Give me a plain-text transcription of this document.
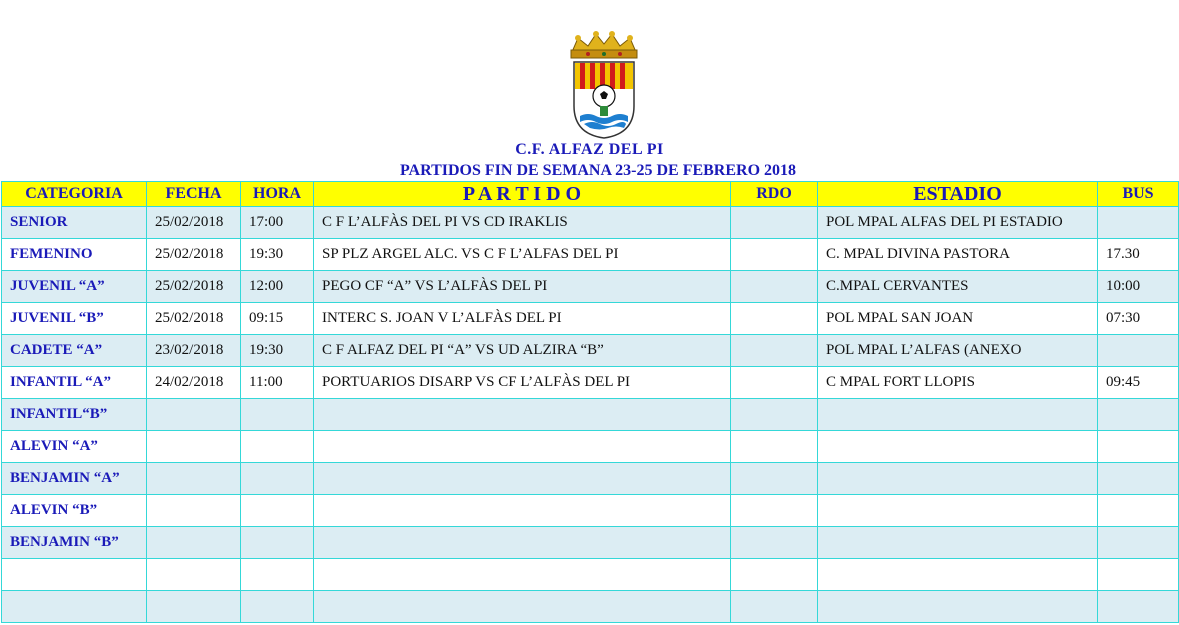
C.F. ALFAZ DEL PI
PARTIDOS FIN DE SEMANA 23-25 DE FEBRERO 2018
CATEGORIA	FECHA	HORA	P A R T I D O	RDO	ESTADIO	BUS
SENIOR	25/02/2018	17:00	C F L’ALFÀS DEL PI VS CD IRAKLIS		POL MPAL ALFAS DEL PI ESTADIO	
FEMENINO	25/02/2018	19:30	SP PLZ ARGEL ALC. VS C F L’ALFAS DEL PI		C. MPAL DIVINA PASTORA	17.30
JUVENIL “A”	25/02/2018	12:00	PEGO CF “A” VS L’ALFÀS DEL PI		C.MPAL CERVANTES	10:00
JUVENIL “B”	25/02/2018	09:15	INTERC S. JOAN V L’ALFÀS DEL PI		POL MPAL SAN JOAN	07:30
CADETE “A”	23/02/2018	19:30	C F ALFAZ DEL PI “A” VS UD ALZIRA “B”		POL MPAL L’ALFAS (ANEXO	
INFANTIL “A”	24/02/2018	11:00	PORTUARIOS DISARP VS CF L’ALFÀS DEL PI		C MPAL FORT LLOPIS	09:45
INFANTIL“B”						
ALEVIN “A”						
BENJAMIN “A”						
ALEVIN “B”						
BENJAMIN “B”						
